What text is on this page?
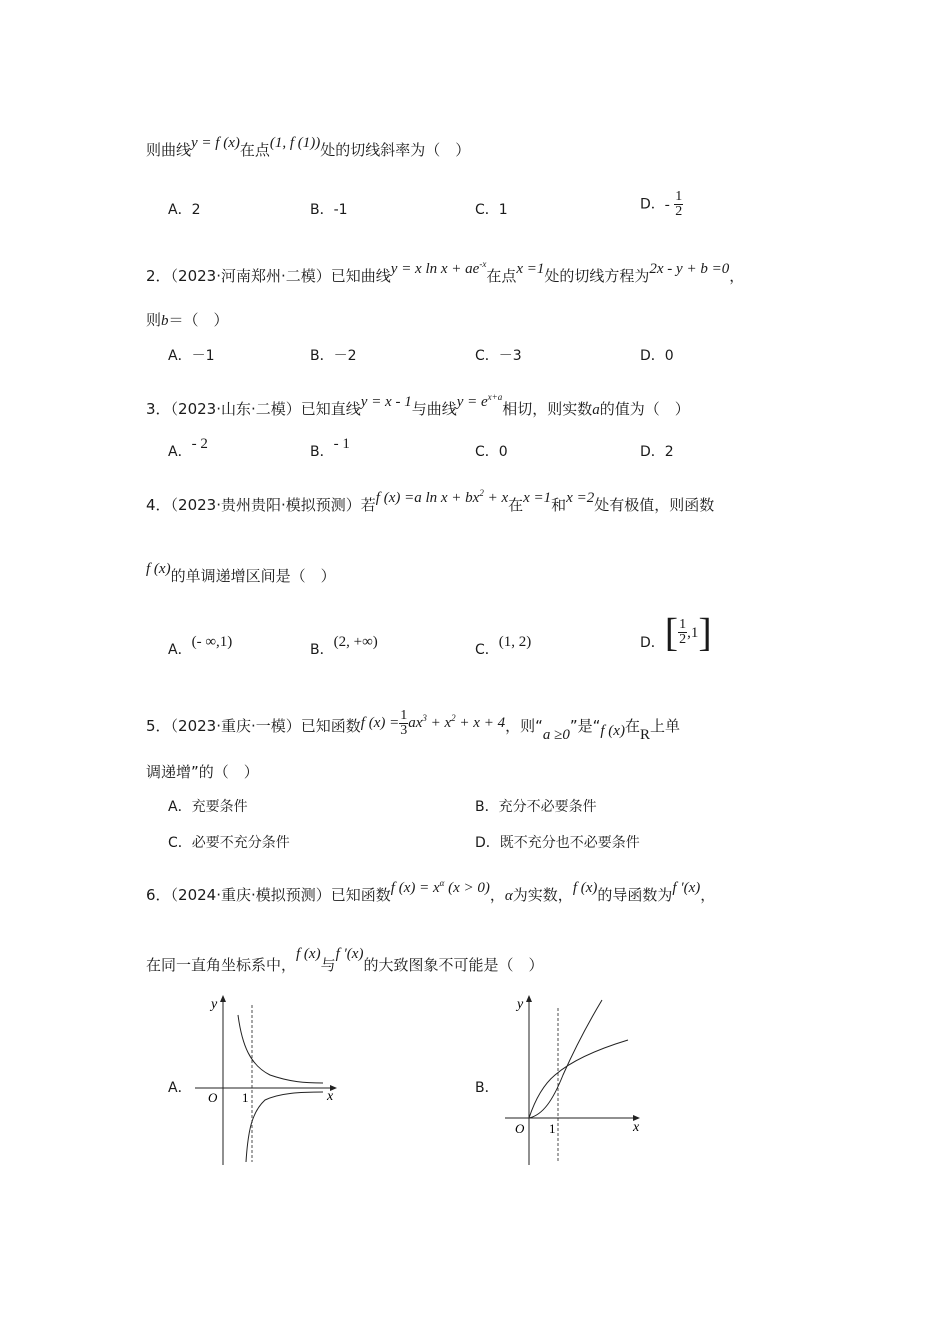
则曲线y = f (x)在点(1, f (1))处的切线斜率为（　）
A．2	B．-1	C．1	D．- $\frac{1}{2}$
2．（2023·河南郑州·二模）已知曲线y = x $\ln x + ae^{-x}$在点x =1处的切线方程为2x - y + b =0，
则b＝（　）
A．－1	B．－2	C．－3	D．0
3．（2023·山东·二模）已知直线y = x - 1与曲线$y = e^{x+a}$相切，则实数a的值为（　）
A．- 2	B．- 1	C．0	D．2
4．（2023·贵州贵阳·模拟预测）若f (x) =a $\ln x + bx^2 + x$在x =1和x =2处有极值，则函数
f (x)的单调递增区间是（　）
A．(- ∞,1)	B．(2, +∞)	C．(1, 2)	D．[ $\frac{1}{2} ,1$]
5．（2023·重庆·一模）已知函数f $(x) = \frac{1}{3} ax^3 + x^2 + x + 4$，则“a ≥0”是“f (x)在R上单
调递增”的（　）
A．充要条件	B．充分不必要条件
C．必要不充分条件	D．既不充分也不必要条件
6．（2024·重庆·模拟预测）已知函数f $(x) = x^\alpha$ (x > 0)，α为实数，f (x)的导函数为f ′(x)，
在同一直角坐标系中，f (x)与f ′(x)的大致图象不可能是（　）
A．
y
x
O 1
B．
y
x
O 1
